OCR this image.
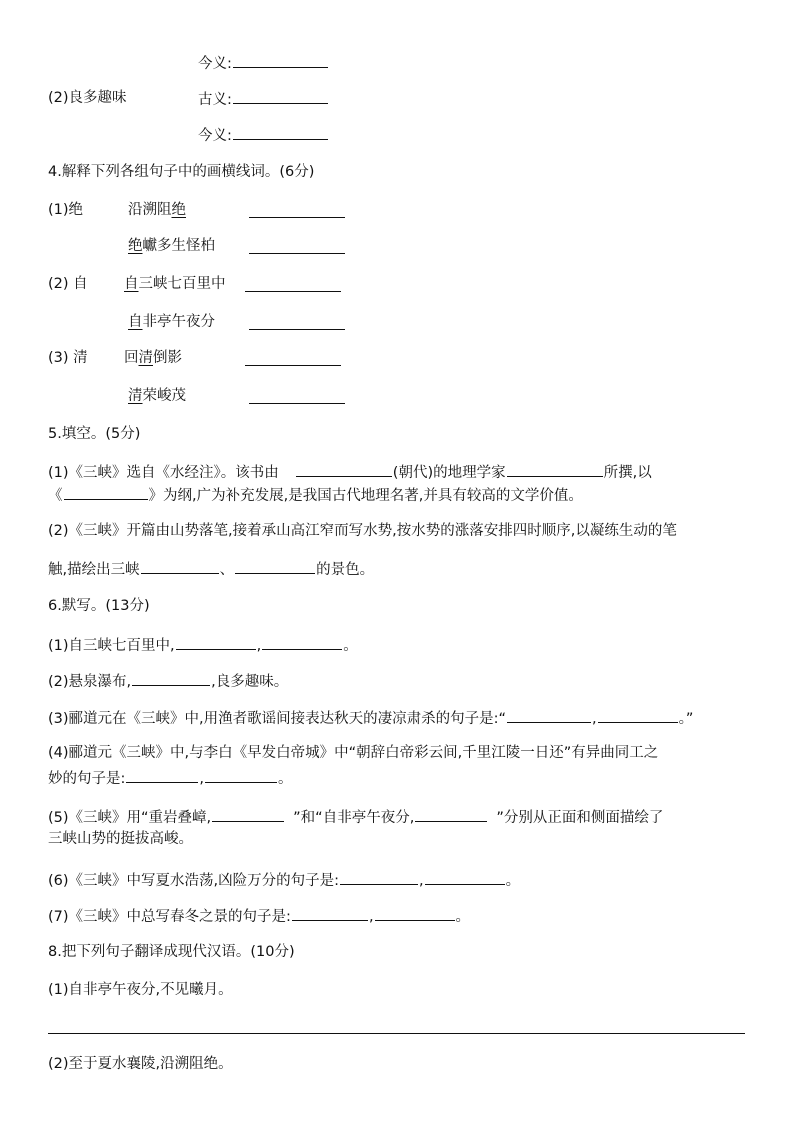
今义:
(2)良多趣味	古义:
今义:
4.解释下列各组句子中的画横线词。(6分)
(1)绝	沿溯阻绝
绝巘多生怪柏
(2) 自	自三峡七百里中
自非亭午夜分
(3) 清	回清倒影
清荣峻茂
5.填空。(5分)
(1)《三峡》选自《水经注》。该书由	(朝代)的地理学家	所撰,以
《	》为纲,广为补充发展,是我国古代地理名著,并具有较高的文学价值。
(2)《三峡》开篇由山势落笔,接着承山高江窄而写水势,按水势的涨落安排四时顺序,以凝练生动的笔
触,描绘出三峡	、	的景色。
6.默写。(13分)
(1)自三峡七百里中,	,	。
(2)悬泉瀑布,	,良多趣味。
(3)郦道元在《三峡》中,用渔者歌谣间接表达秋天的凄凉肃杀的句子是:“	,	。”
(4)郦道元《三峡》中,与李白《早发白帝城》中“朝辞白帝彩云间,千里江陵一日还”有异曲同工之
妙的句子是:	,	。
(5)《三峡》用“重岩叠嶂,	”和“自非亭午夜分,	”分别从正面和侧面描绘了
三峡山势的挺拔高峻。
(6)《三峡》中写夏水浩荡,凶险万分的句子是:	,	。
(7)《三峡》中总写春冬之景的句子是:	,	。
8.把下列句子翻译成现代汉语。(10分)
(1)自非亭午夜分,不见曦月。
(2)至于夏水襄陵,沿溯阻绝。
